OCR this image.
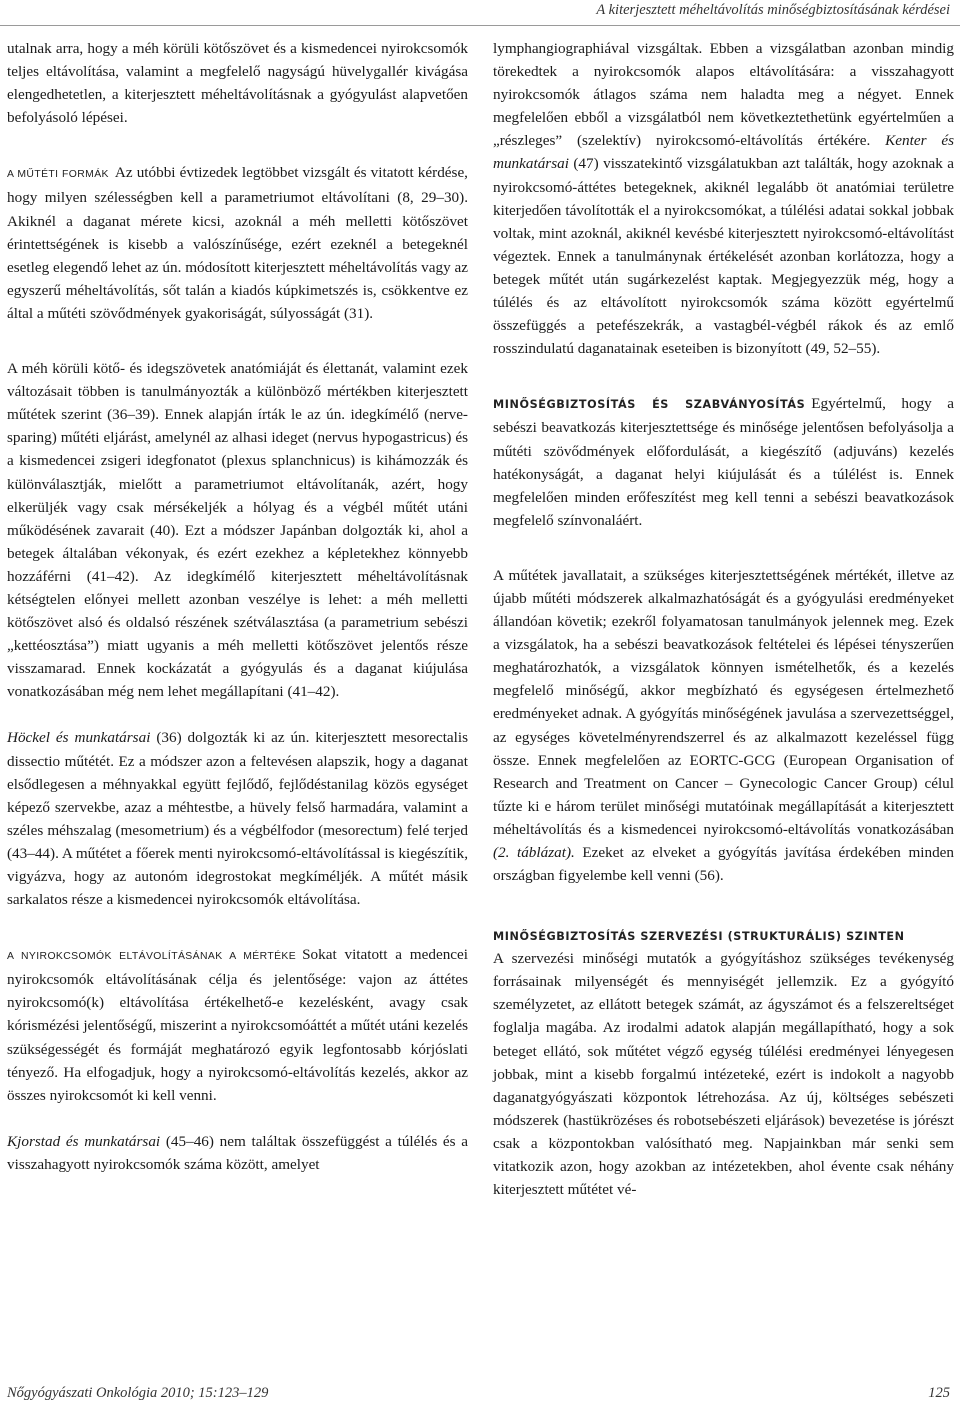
A kiterjesztett méheltávolítás minőségbiztosításának kérdései

utalnak arra, hogy a méh körüli kötőszövet és a kismedencei nyirokcsomók teljes eltávolítása, valamint a megfelelő nagyságú hüvelygallér kivágása elengedhetetlen, a kiterjesztett méheltávolításnak a gyógyulást alapvetően befolyásoló lépései.

A MŰTÉTI FORMÁK Az utóbbi évtizedek legtöbbet vizsgált és vitatott kérdése, hogy milyen szélességben kell a parametriumot eltávolítani (8, 29–30). Akiknél a daganat mérete kicsi, azoknál a méh melletti kötőszövet érintettségének is kisebb a valószínűsége, ezért ezeknél a betegeknél esetleg elegendő lehet az ún. módosított kiterjesztett méheltávolítás vagy az egyszerű méheltávolítás, sőt talán a kiadós kúpkimetszés is, csökkentve ez által a műtéti szövődmények gyakoriságát, súlyosságát (31).

A méh körüli kötő- és idegszövetek anatómiáját és élettanát, valamint ezek változásait többen is tanulmányozták a különböző mértékben kiterjesztett műtétek szerint (36–39). Ennek alapján írták le az ún. idegkímélő (nerve-sparing) műtéti eljárást, amelynél az alhasi ideget (nervus hypogastricus) és a kismedencei zsigeri idegfonatot (plexus splanchnicus) is kihámozzák és különválasztják, mielőtt a parametriumot eltávolítanák, azért, hogy elkerüljék vagy csak mérsékeljék a hólyag és a végbél műtét utáni működésének zavarait (40). Ezt a módszer Japánban dolgozták ki, ahol a betegek általában vékonyak, és ezért ezekhez a képletekhez könnyebb hozzáférni (41–42). Az idegkímélő kiterjesztett méheltávolításnak kétségtelen előnyei mellett azonban veszélye is lehet: a méh melletti kötőszövet alsó és oldalsó részének szétválasztása (a parametrium sebészi „kettéosztása”) miatt ugyanis a méh melletti kötőszövet jelentős része visszamarad. Ennek kockázatát a gyógyulás és a daganat kiújulása vonatkozásában még nem lehet megállapítani (41–42).

Höckel és munkatársai (36) dolgozták ki az ún. kiterjesztett mesorectalis dissectio műtétét. Ez a módszer azon a feltevésen alapszik, hogy a daganat elsődlegesen a méhnyakkal együtt fejlődő, fejlődéstanilag közös egységet képező szervekbe, azaz a méhtestbe, a hüvely felső harmadára, valamint a széles méhszalag (mesometrium) és a végbélfodor (mesorectum) felé terjed (43–44). A műtétet a főerek menti nyirokcsomó-eltávolítással is kiegészítik, vigyázva, hogy az autonóm idegrostokat megkíméljék. A műtét másik sarkalatos része a kismedencei nyirokcsomók eltávolítása.

A NYIROKCSOMÓK ELTÁVOLÍTÁSÁNAK A MÉRTÉKE Sokat vitatott a medencei nyirokcsomók eltávolításának célja és jelentősége: vajon az áttétes nyirokcsomó(k) eltávolítása értékelhető-e kezelésként, avagy csak kórismézési jelentőségű, miszerint a nyirokcsomóáttét a műtét utáni kezelés szükségességét és formáját meghatározó egyik legfontosabb kórjóslati tényező. Ha elfogadjuk, hogy a nyirokcsomó-eltávolítás kezelés, akkor az összes nyirokcsomót ki kell venni.

Kjorstad és munkatársai (45–46) nem találtak összefüggést a túlélés és a visszahagyott nyirokcsomók száma között, amelyet

lymphangiographiával vizsgáltak. Ebben a vizsgálatban azonban mindig törekedtek a nyirokcsomók alapos eltávolítására: a visszahagyott nyirokcsomók átlagos száma nem haladta meg a négyet. Ennek megfelelően ebből a vizsgálatból nem következtethetünk egyértelműen a „részleges” (szelektív) nyirokcsomó-eltávolítás értékére. Kenter és munkatársai (47) visszatekintő vizsgálatukban azt találták, hogy azoknak a nyirokcsomó-áttétes betegeknek, akiknél legalább öt anatómiai területre kiterjedően távolították el a nyirokcsomókat, a túlélési adatai sokkal jobbak voltak, mint azoknál, akiknél kevésbé kiterjesztett nyirokcsomó-eltávolítást végeztek. Ennek a tanulmánynak értékelését azonban korlátozza, hogy a betegek műtét után sugárkezelést kaptak. Megjegyezzük még, hogy a túlélés és az eltávolított nyirokcsomók száma között egyértelmű összefüggés a petefészekrák, a vastagbél-végbél rákok és az emlő rosszindulatú daganatainak eseteiben is bizonyított (49, 52–55).

MINŐSÉGBIZTOSÍTÁS ÉS SZABVÁNYOSÍTÁS Egyértelmű, hogy a sebészi beavatkozás kiterjesztettsége és minősége jelentősen befolyásolja a műtéti szövődmények előfordulását, a kiegészítő (adjuváns) kezelés hatékonyságát, a daganat helyi kiújulását és a túlélést is. Ennek megfelelően minden erőfeszítést meg kell tenni a sebészi beavatkozások megfelelő színvonaláért.

A műtétek javallatait, a szükséges kiterjesztettségének mértékét, illetve az újabb műtéti módszerek alkalmazhatóságát és a gyógyulási eredményeket állandóan követik; ezekről folyamatosan tanulmányok jelennek meg. Ezek a vizsgálatok, ha a sebészi beavatkozások feltételei és lépései tényszerűen meghatározhatók, a vizsgálatok könnyen ismételhetők, és a kezelés megfelelő minőségű, akkor megbízható és egységesen értelmezhető eredményeket adnak. A gyógyítás minőségének javulása a szervezettséggel, az egységes követelményrendszerrel és az alkalmazott kezeléssel függ össze. Ennek megfelelően az EORTC-GCG (European Organisation of Research and Treatment on Cancer – Gynecologic Cancer Group) célul tűzte ki e három terület minőségi mutatóinak megállapítását a kiterjesztett méheltávolítás és a kismedencei nyirokcsomó-eltávolítás vonatkozásában (2. táblázat). Ezeket az elveket a gyógyítás javítása érdekében minden országban figyelembe kell venni (56).

MINŐSÉGBIZTOSÍTÁS SZERVEZÉSI (STRUKTURÁLIS) SZINTEN
A szervezési minőségi mutatók a gyógyításhoz szükséges tevékenység forrásainak milyenségét és mennyiségét jellemzik. Ez a gyógyító személyzetet, az ellátott betegek számát, az ágyszámot és a felszereltséget foglalja magába. Az irodalmi adatok alapján megállapítható, hogy a sok beteget ellátó, sok műtétet végző egység túlélési eredményei lényegesen jobbak, mint a kisebb forgalmú intézeteké, ezért is indokolt a nagyobb daganatgyógyászati központok létrehozása. Az új, költséges sebészeti módszerek (hastükrözéses és robotsebészeti eljárások) bevezetése is jórészt csak a központokban valósítható meg. Napjainkban már senki sem vitatkozik azon, hogy azokban az intézetekben, ahol évente csak néhány kiterjesztett műtétet vé-

Nőgyógyászati Onkológia 2010; 15:123–129	125
